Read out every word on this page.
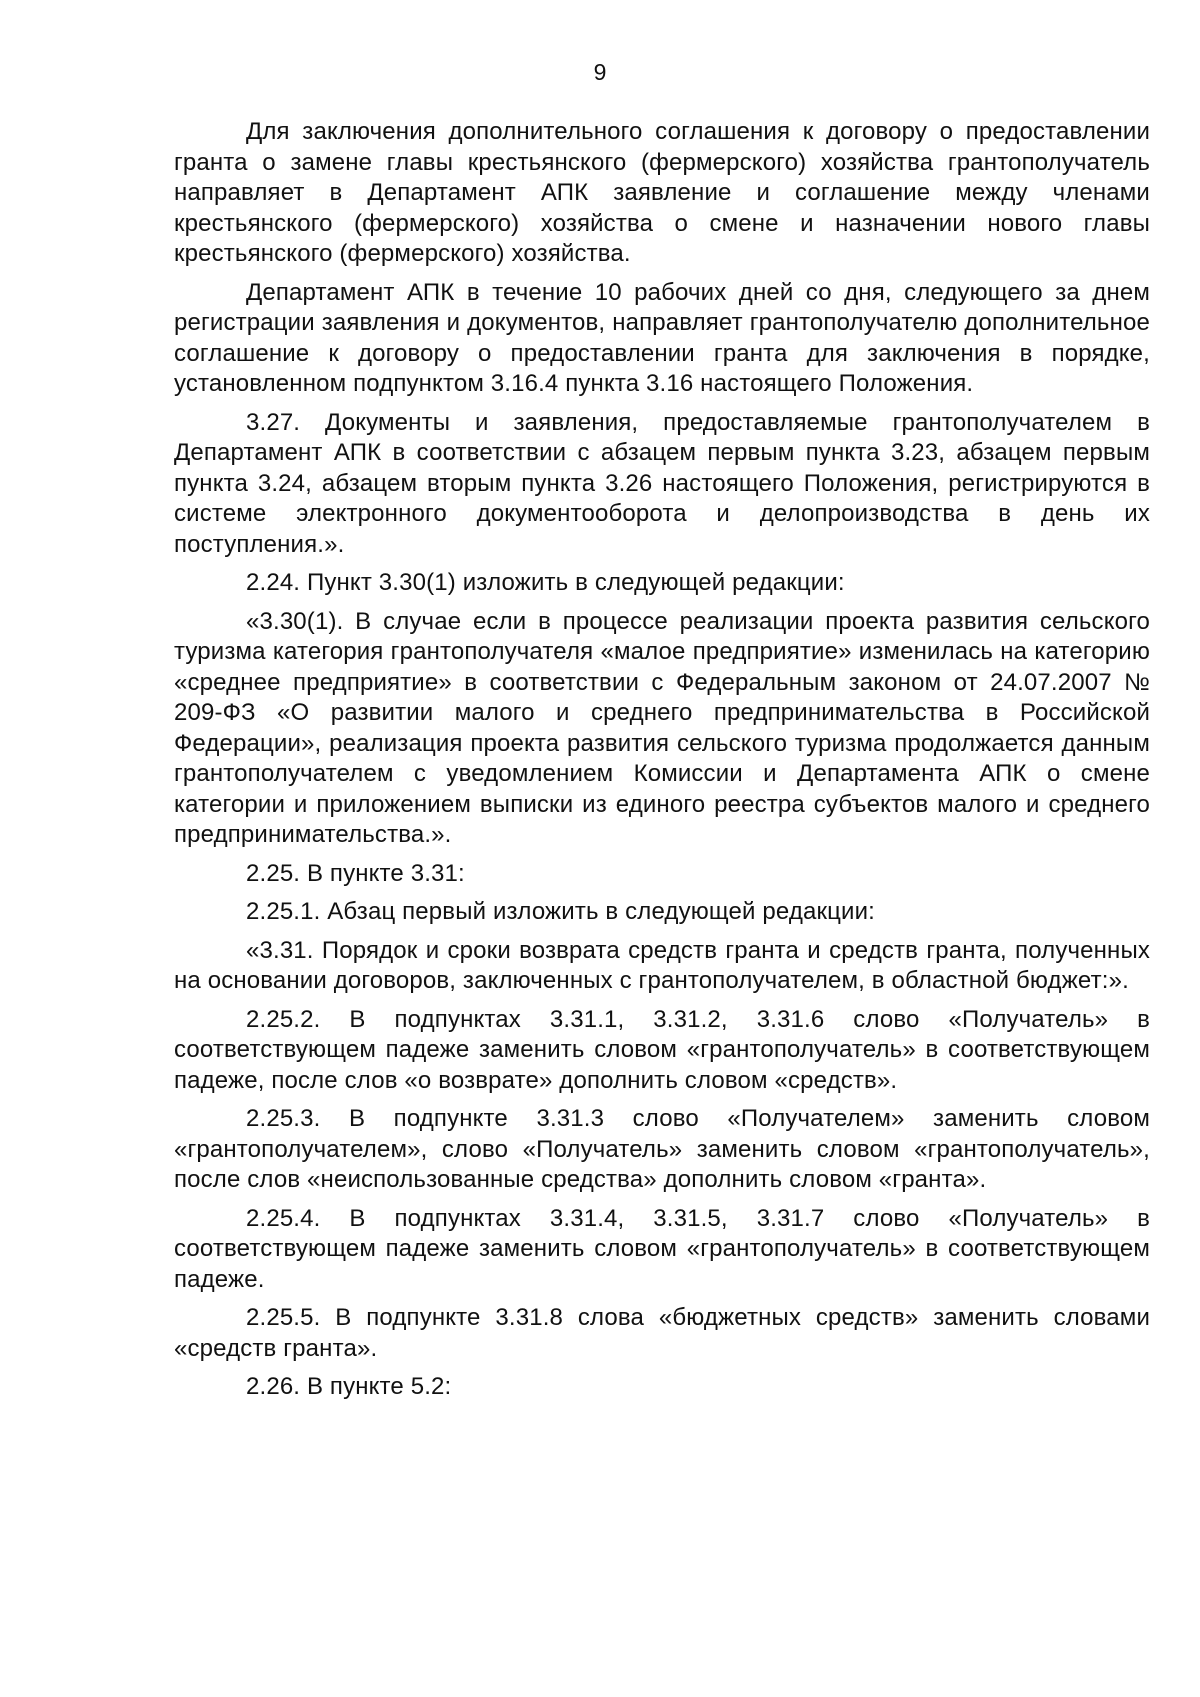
9

Для заключения дополнительного соглашения к договору о предоставлении гранта о замене главы крестьянского (фермерского) хозяйства грантополучатель направляет в Департамент АПК заявление и соглашение между членами крестьянского (фермерского) хозяйства о смене и назначении нового главы крестьянского (фермерского) хозяйства.

Департамент АПК в течение 10 рабочих дней со дня, следующего за днем регистрации заявления и документов, направляет грантополучателю дополнительное соглашение к договору о предоставлении гранта для заключения в порядке, установленном подпунктом 3.16.4 пункта 3.16 настоящего Положения.

3.27. Документы и заявления, предоставляемые грантополучателем в Департамент АПК в соответствии с абзацем первым пункта 3.23, абзацем первым пункта 3.24, абзацем вторым пункта 3.26 настоящего Положения, регистрируются в системе электронного документооборота и делопроизводства в день их поступления.».

2.24. Пункт 3.30(1) изложить в следующей редакции:

«3.30(1). В случае если в процессе реализации проекта развития сельского туризма категория грантополучателя «малое предприятие» изменилась на категорию «среднее предприятие» в соответствии с Федеральным законом от 24.07.2007 № 209-ФЗ «О развитии малого и среднего предпринимательства в Российской Федерации», реализация проекта развития сельского туризма продолжается данным грантополучателем с уведомлением Комиссии и Департамента АПК о смене категории и приложением выписки из единого реестра субъектов малого и среднего предпринимательства.».

2.25. В пункте 3.31:

2.25.1. Абзац первый изложить в следующей редакции:

«3.31. Порядок и сроки возврата средств гранта и средств гранта, полученных на основании договоров, заключенных с грантополучателем, в областной бюджет:».

2.25.2. В подпунктах 3.31.1, 3.31.2, 3.31.6 слово «Получатель» в соответствующем падеже заменить словом «грантополучатель» в соответствующем падеже, после слов «о возврате» дополнить словом «средств».

2.25.3. В подпункте 3.31.3 слово «Получателем» заменить словом «грантополучателем», слово «Получатель» заменить словом «грантополучатель», после слов «неиспользованные средства» дополнить словом «гранта».

2.25.4. В подпунктах 3.31.4, 3.31.5, 3.31.7 слово «Получатель» в соответствующем падеже заменить словом «грантополучатель» в соответствующем падеже.

2.25.5. В подпункте 3.31.8 слова «бюджетных средств» заменить словами «средств гранта».

2.26. В пункте 5.2:
